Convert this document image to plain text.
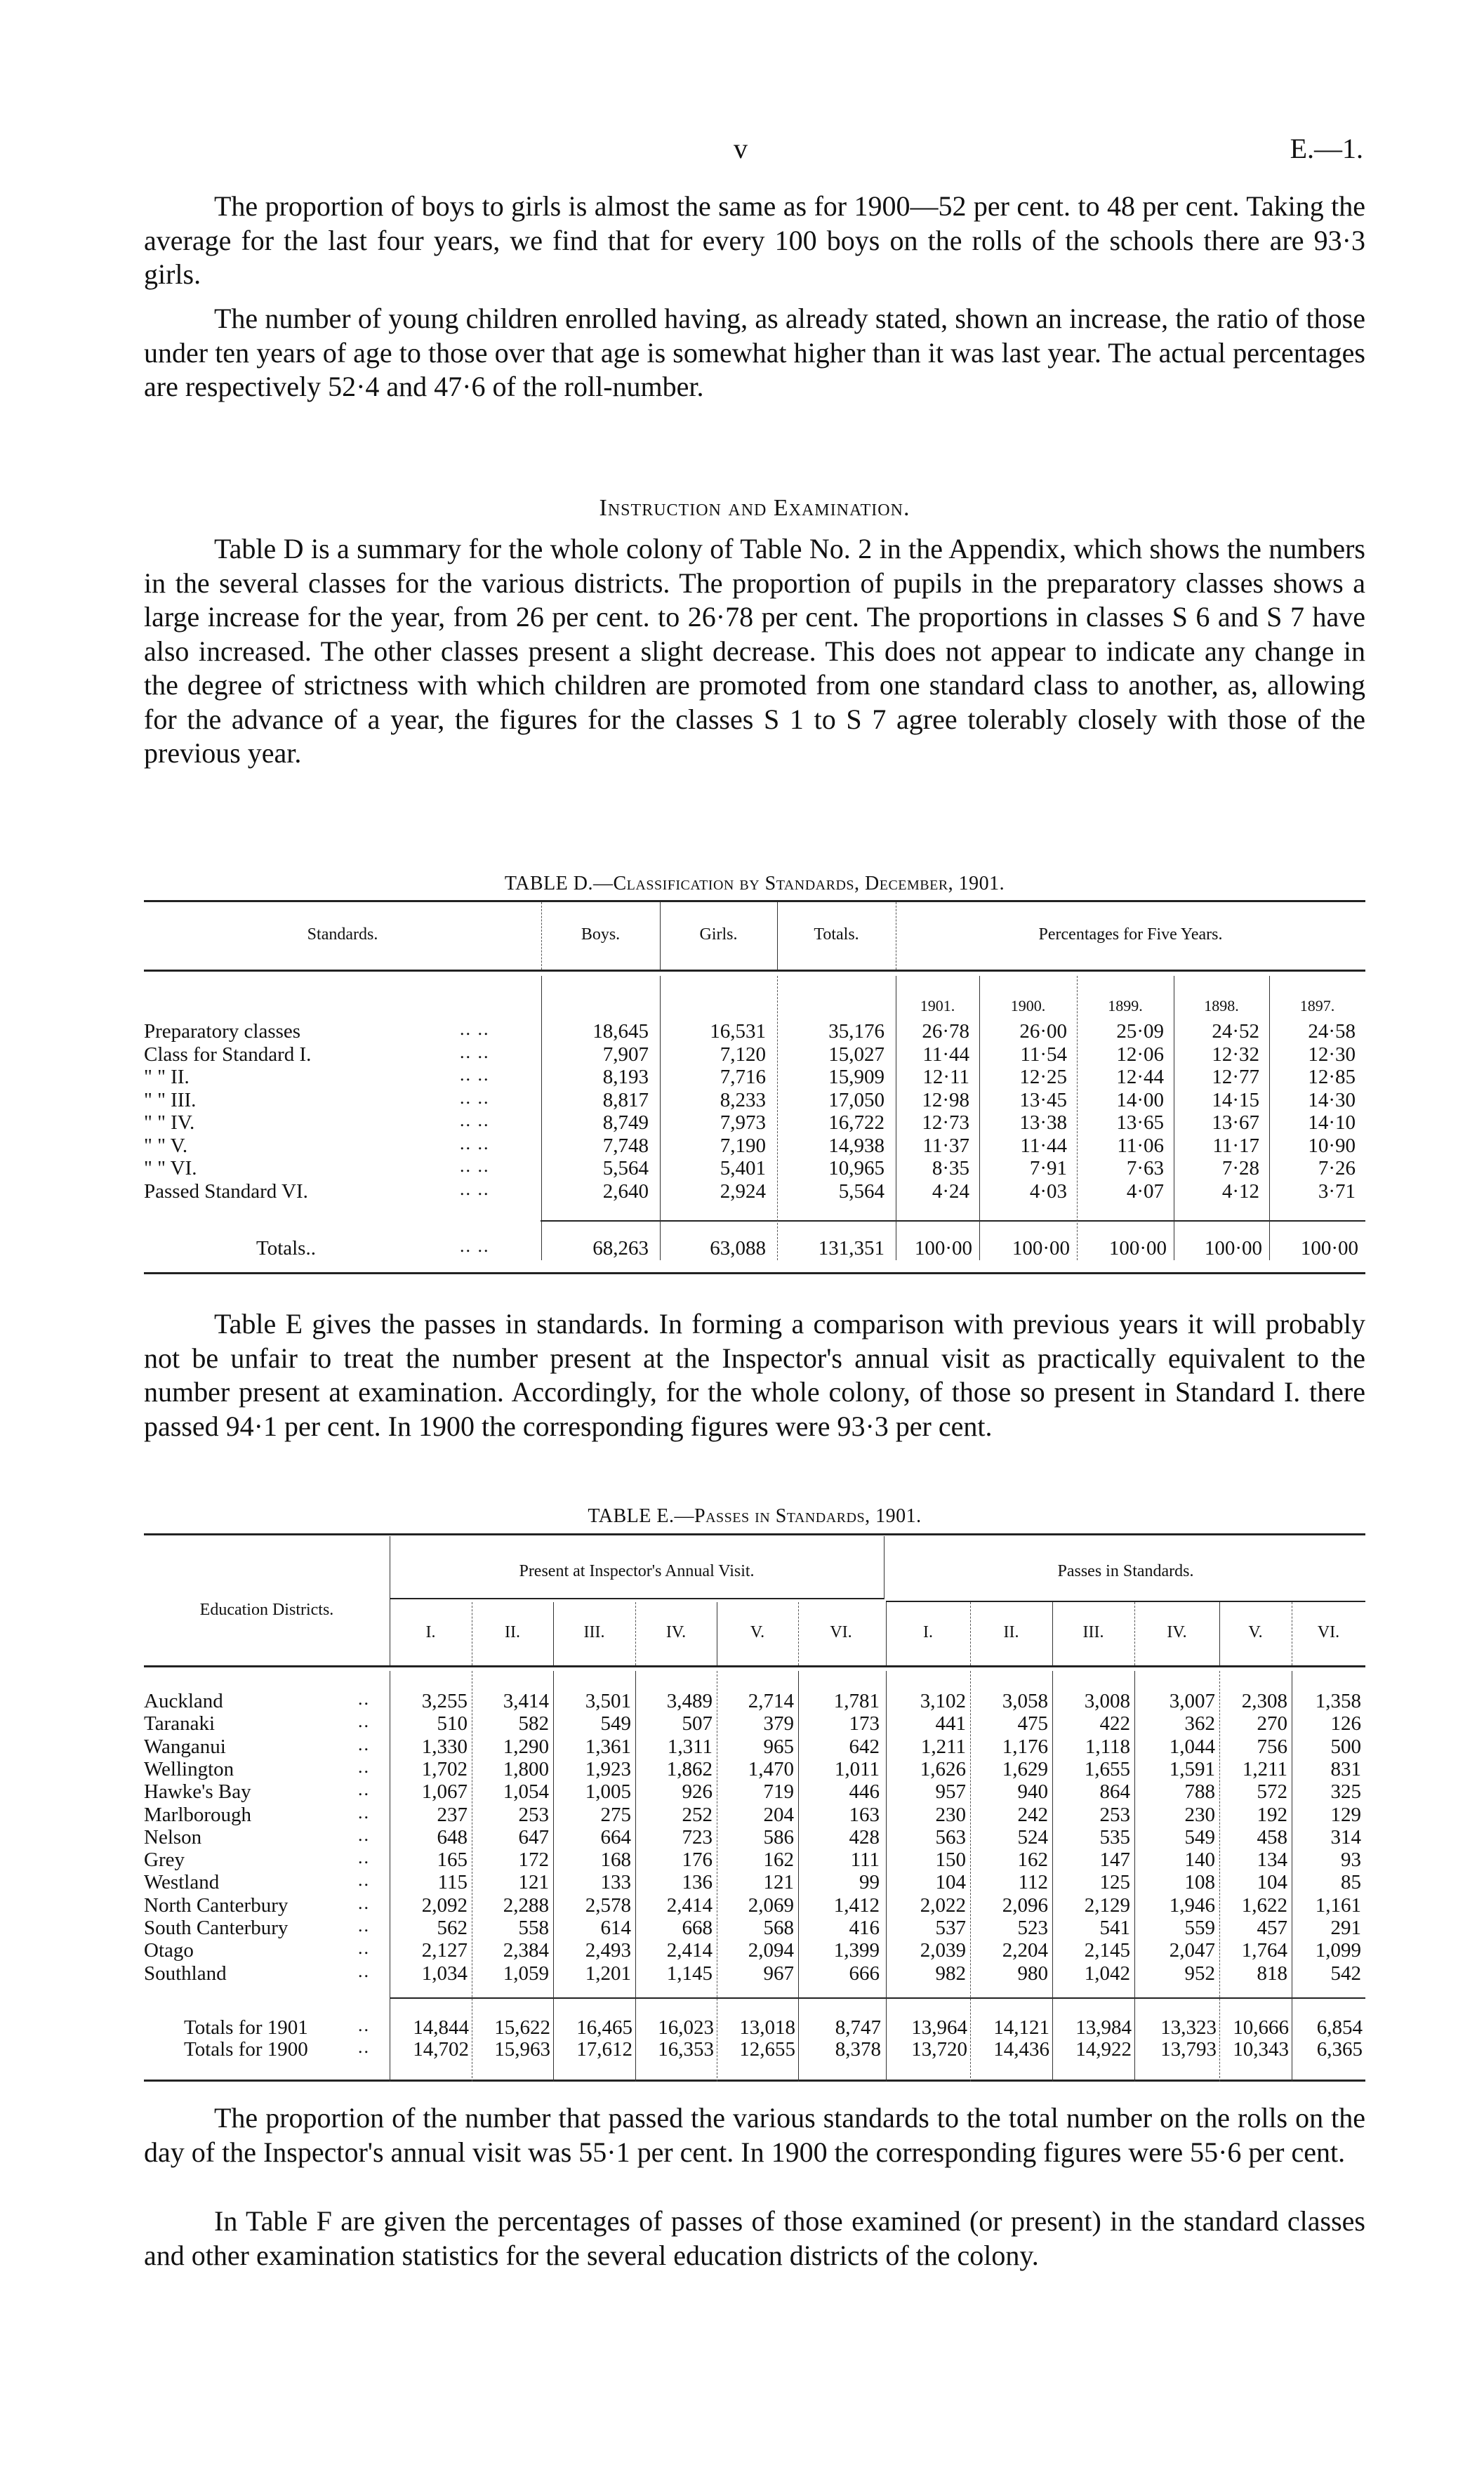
v	E.—1.

The proportion of boys to girls is almost the same as for 1900—52 per cent. to 48 per cent. Taking the average for the last four years, we find that for every 100 boys on the rolls of the schools there are 93·3 girls.

The number of young children enrolled having, as already stated, shown an increase, the ratio of those under ten years of age to those over that age is somewhat higher than it was last year. The actual percentages are respectively 52·4 and 47·6 of the roll-number.

Instruction and Examination.

Table D is a summary for the whole colony of Table No. 2 in the Appendix, which shows the numbers in the several classes for the various districts. The proportion of pupils in the preparatory classes shows a large increase for the year, from 26 per cent. to 26·78 per cent. The proportions in classes S 6 and S 7 have also increased. The other classes present a slight decrease. This does not appear to indicate any change in the degree of strictness with which children are promoted from one standard class to another, as, allowing for the advance of a year, the figures for the classes S 1 to S 7 agree tolerably closely with those of the previous year.

TABLE D.—Classification by Standards, December, 1901.
Standards.	Boys.	Girls.	Totals.	Percentages for Five Years.
1901.	1900.	1899.	1898.	1897.
Preparatory classes	.. ..	18,645	16,531	35,176	26·78	26·00	25·09	24·52	24·58
Class for Standard I.	.. ..	7,907	7,120	15,027	11·44	11·54	12·06	12·32	12·30
" " II.	.. ..	8,193	7,716	15,909	12·11	12·25	12·44	12·77	12·85
" " III.	.. ..	8,817	8,233	17,050	12·98	13·45	14·00	14·15	14·30
" " IV.	.. ..	8,749	7,973	16,722	12·73	13·38	13·65	13·67	14·10
" " V.	.. ..	7,748	7,190	14,938	11·37	11·44	11·06	11·17	10·90
" " VI.	.. ..	5,564	5,401	10,965	8·35	7·91	7·63	7·28	7·26
Passed Standard VI.	.. ..	2,640	2,924	5,564	4·24	4·03	4·07	4·12	3·71
Totals..	.. ..	68,263	63,088	131,351	100·00	100·00	100·00	100·00	100·00

Table E gives the passes in standards. In forming a comparison with previous years it will probably not be unfair to treat the number present at the Inspector's annual visit as practically equivalent to the number present at examination. Accordingly, for the whole colony, of those so present in Standard I. there passed 94·1 per cent. In 1900 the corresponding figures were 93·3 per cent.

TABLE E.—Passes in Standards, 1901.
Education Districts.
Present at Inspector's Annual Visit.	Passes in Standards.
I.	II.	III.	IV.	V.	VI.	I.	II.	III.	IV.	V.	VI.
Auckland	..	3,255	3,414	3,501	3,489	2,714	1,781	3,102	3,058	3,008	3,007	2,308	1,358
Taranaki	..	510	582	549	507	379	173	441	475	422	362	270	126
Wanganui	..	1,330	1,290	1,361	1,311	965	642	1,211	1,176	1,118	1,044	756	500
Wellington	..	1,702	1,800	1,923	1,862	1,470	1,011	1,626	1,629	1,655	1,591	1,211	831
Hawke's Bay	..	1,067	1,054	1,005	926	719	446	957	940	864	788	572	325
Marlborough	..	237	253	275	252	204	163	230	242	253	230	192	129
Nelson	..	648	647	664	723	586	428	563	524	535	549	458	314
Grey	..	165	172	168	176	162	111	150	162	147	140	134	93
Westland	..	115	121	133	136	121	99	104	112	125	108	104	85
North Canterbury	..	2,092	2,288	2,578	2,414	2,069	1,412	2,022	2,096	2,129	1,946	1,622	1,161
South Canterbury	..	562	558	614	668	568	416	537	523	541	559	457	291
Otago	..	2,127	2,384	2,493	2,414	2,094	1,399	2,039	2,204	2,145	2,047	1,764	1,099
Southland	..	1,034	1,059	1,201	1,145	967	666	982	980	1,042	952	818	542
Totals for 1901	..	14,844	15,622	16,465	16,023	13,018	8,747	13,964	14,121	13,984	13,323 10,666	6,854
Totals for 1900	..	14,702	15,963	17,612	16,353	12,655	8,378	13,720	14,436	14,922	13,793 10,343	6,365

The proportion of the number that passed the various standards to the total number on the rolls on the day of the Inspector's annual visit was 55·1 per cent. In 1900 the corresponding figures were 55·6 per cent.

In Table F are given the percentages of passes of those examined (or present) in the standard classes and other examination statistics for the several education districts of the colony.
